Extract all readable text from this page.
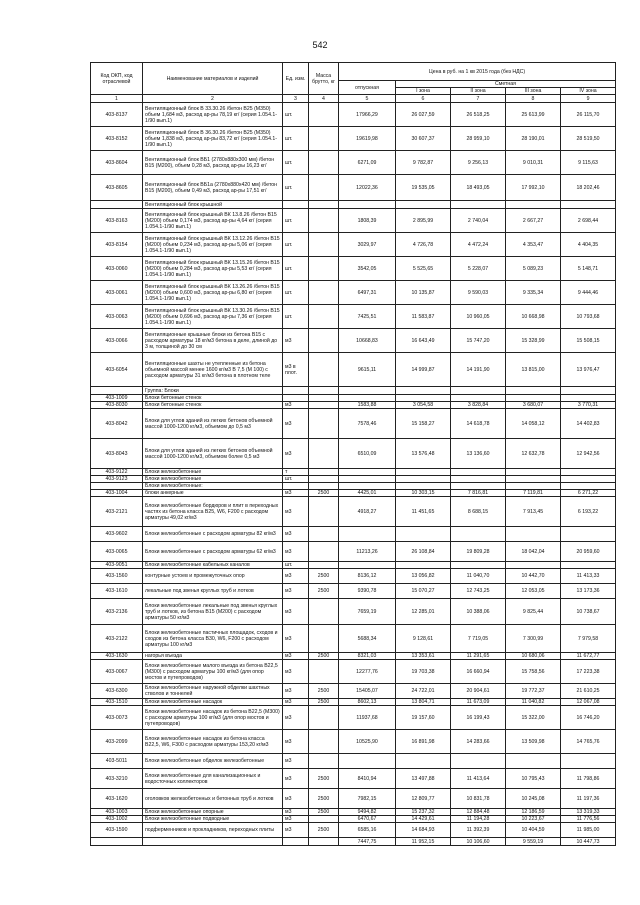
542
Код ОКП, код отраслевой	Наименование материалов и изделий	Ед. изм.	Масса брутто, кг	Цена в руб. на 1 кв 2015 года (без НДС)				
				отпускная	Сметная			
					I зона	II зона	III зона	IV зона
1	2	3	4	5	6	7	8	9
403-8137	Вентиляционный блок В 33.30.26 /бетон В25 (М350) объем 1,684 м3, расход ар-ры 78,19 кг/ (серия 1.054.1-1/90 вып.1)	шт.		17966,29	26 027,59	26 518,25	25 613,99	26 115,70
403-8152	Вентиляционный блок В 36.30.26 /бетон В25 (М350) объем 1,838 м3, расход ар-ры 83,72 кг/ (серия 1.054.1-1/90 вып.1)	шт.		19619,98	30 607,37	28 959,10	28 190,01	28 519,50
403-8604	Вентиляционный блок ВБ1 (2780х880х300 мм) /бетон В15 (М200), объем 0,28 м3, расход ар-ры 16,23 кг/	шт.		6271,09	9 782,87	9 256,13	9 010,31	9 115,63
403-8605	Вентиляционный блок ВБ1а (2780х880х420 мм) /бетон В15 (М200), объем 0,49 м3, расход ар-ры 17,51 кг/	шт.		12022,36	19 535,05	18 493,05	17 992,10	18 202,46
	Вентиляционный блок крышной							
403-8163	Вентиляционный блок крышный ВК 13.8.26 /бетон В15 (М200) объем 0,174 м3, расход ар-ры 4,64 кг/ (серия 1.054.1-1/90 вып.1)	шт.		1808,39	2 895,99	2 740,04	2 667,27	2 698,44
403-8154	Вентиляционный блок крышный ВК 13.12.26 /бетон В15 (М200) объем 0,234 м3, расход ар-ры 5,06 кг/ (серия 1.054.1-1/90 вып.1)	шт.		3029,97	4 726,78	4 472,24	4 353,47	4 404,35
403-0060	Вентиляционный блок крышный ВК 13.15.26 /бетон В15 (М200) объем 0,284 м3, расход ар-ры 5,53 кг/ (серия 1.054.1-1/90 вып.1)	шт.		3542,05	5 525,65	5 228,07	5 089,23	5 148,71
403-0061	Вентиляционный блок крышный ВК 13.26.26 /бетон В15 (М200) объем 0,600 м3, расход ар-ры 6,80 кг/ (серия 1.054.1-1/90 вып.1)	шт.		6497,31	10 135,87	9 590,03	9 335,34	9 444,46
403-0063	Вентиляционный блок крышный ВК 13.30.26 /бетон В15 (М200) объем 0,696 м3, расход ар-ры 7,36 кг/ (серия 1.054.1-1/90 вып.1)	шт.		7425,51	11 583,87	10 960,05	10 668,98	10 793,68
403-0066	Вентиляционные крышные блоки из бетона В15 с расходом арматуры 18 кг/м3 бетона в деле, длиной до 3 м, толщиной до 30 см	м3		10668,83	16 643,49	15 747,20	15 328,99	15 508,15
403-6054	Вентиляционные шахты не утепленные из бетона объемной массой менее 1600 кг/м3 В 7,5 (М 100) с расходом арматуры 31 кг/м3 бетона в плотном теле	м3 в плот.		9615,11	14 999,87	14 191,90	13 815,00	13 976,47
	Группа: Блоки							
403-1009	Блоки бетонные стенок							
403-8030	Блоки бетонные стенок	м3		1583,88	3 054,58	3 828,84	3 680,07	3 770,31
403-8042	Блоки для углов зданий из легких бетонов объемной массой 1000-1200 кг/м3, объемом до 0,5 м3	м3		7578,46	15 158,27	14 618,78	14 058,12	14 402,83
403-8043	Блоки для углов зданий из легких бетонов объемной массой 1000-1200 кг/м3, объемом более 0,5 м3	м3		6510,09	13 576,48	13 136,60	12 632,78	12 942,56
403-9122	Блоки железобетонные	т						
403-9123	Блоки железобетонные	шт.						
	Блоки железобетонные:							
403-1004	блоки анкерные	м3	2500	4425,01	10 303,15	7 816,81	7 119,81	6 271,22
403-2121	Блоки железобетонные бордюров и плит в переходных частях из бетона класса В25, W6, F200 с расходом арматуры 49,02 кг/м3	м3		4918,27	11 451,65	8 688,15	7 913,45	6 193,22
403-9602	Блоки железобетонные с расходом арматуры 82 кг/м3	м3						
403-0065	Блоки железобетонные с расходом арматуры 62 кг/м3	м3		11213,26	26 108,84	19 809,28	18 042,04	20 959,60
403-9051	Блоки железобетонные кабельных каналов	шт.						
403-1560	контурные устоев и промежуточных опор	м3	2500	8136,12	13 056,82	11 040,70	10 442,70	11 413,33
403-1610	лекальные под звенья круглых труб и лотков	м3	2500	9390,78	15 070,27	12 743,25	12 053,05	13 173,36
403-2136	Блоки железобетонные лекальные под звенья круглых труб и лотков, из бетона В15 (М200) с расходом арматуры 50 кг/м3	м3		7659,19	12 285,01	10 388,06	9 825,44	10 738,67
403-2122	Блоки железобетонные пастичных площадок, сходов и сходов из бетона класса В30, W6, F200 с расходом арматуры 100 кг/м3	м3		5688,34	9 128,61	7 719,05	7 300,99	7 979,58
403-1630	нагорья въезда	м3	2500	8321,03	13 353,61	11 291,65	10 680,06	11 672,77
403-0067	Блоки железобетонные малого въезда из бетона В22,5 (М300) с расходом арматуры 100 кг/м3 (для опор мостов и путепроводов)	м3		12277,76	19 703,38	16 660,94	15 758,56	17 223,38
403-6300	Блоки железобетонные наружной обделки шахтных стволов и тоннелей	м3	2500	15405,07	24 722,01	20 904,61	19 772,37	21 610,25
403-1510	Блоки железобетонные насадок	м3	2500	8602,13	13 804,71	11 673,09	11 040,82	12 067,08
403-0073	Блоки железобетонные насадок из бетона В22,5 (М300) с расходом арматуры 100 кг/м3 (для опор мостов и путепроводов)	м3		11937,68	19 157,60	16 199,43	15 322,00	16 746,20
403-2099	Блоки железобетонные насадок из бетона класса В22,5, W6, F300 с расходом арматуры 153,20 кг/м3	м3		10525,90	16 891,98	14 283,66	13 509,98	14 765,76
403-5011	Блоки железобетонные обделок железобетонные	м3						
403-3210	Блоки железобетонные для канализационных и водосточных коллекторов	м3	2500	8410,94	13 497,88	11 413,64	10 795,43	11 798,86
403-1620	оголовков железобетонных и бетонных труб и лотков	м3	2500	7982,15	12 809,77	10 831,78	10 245,08	11 197,36
403-1003	Блоки железобетонные опорные	м3	2500	9494,82	15 237,32	12 884,48	12 186,59	13 319,33
403-1002	Блоки железобетонные подводные	м3		6470,67	14 429,61	11 194,28	10 223,67	11 776,56
403-1590	подферменников и прокладников, переходных плиты	м3	2500	6585,16	14 684,93	11 392,39	10 404,59	11 985,00
				7447,75	11 952,15	10 106,60	9 559,19	10 447,73
